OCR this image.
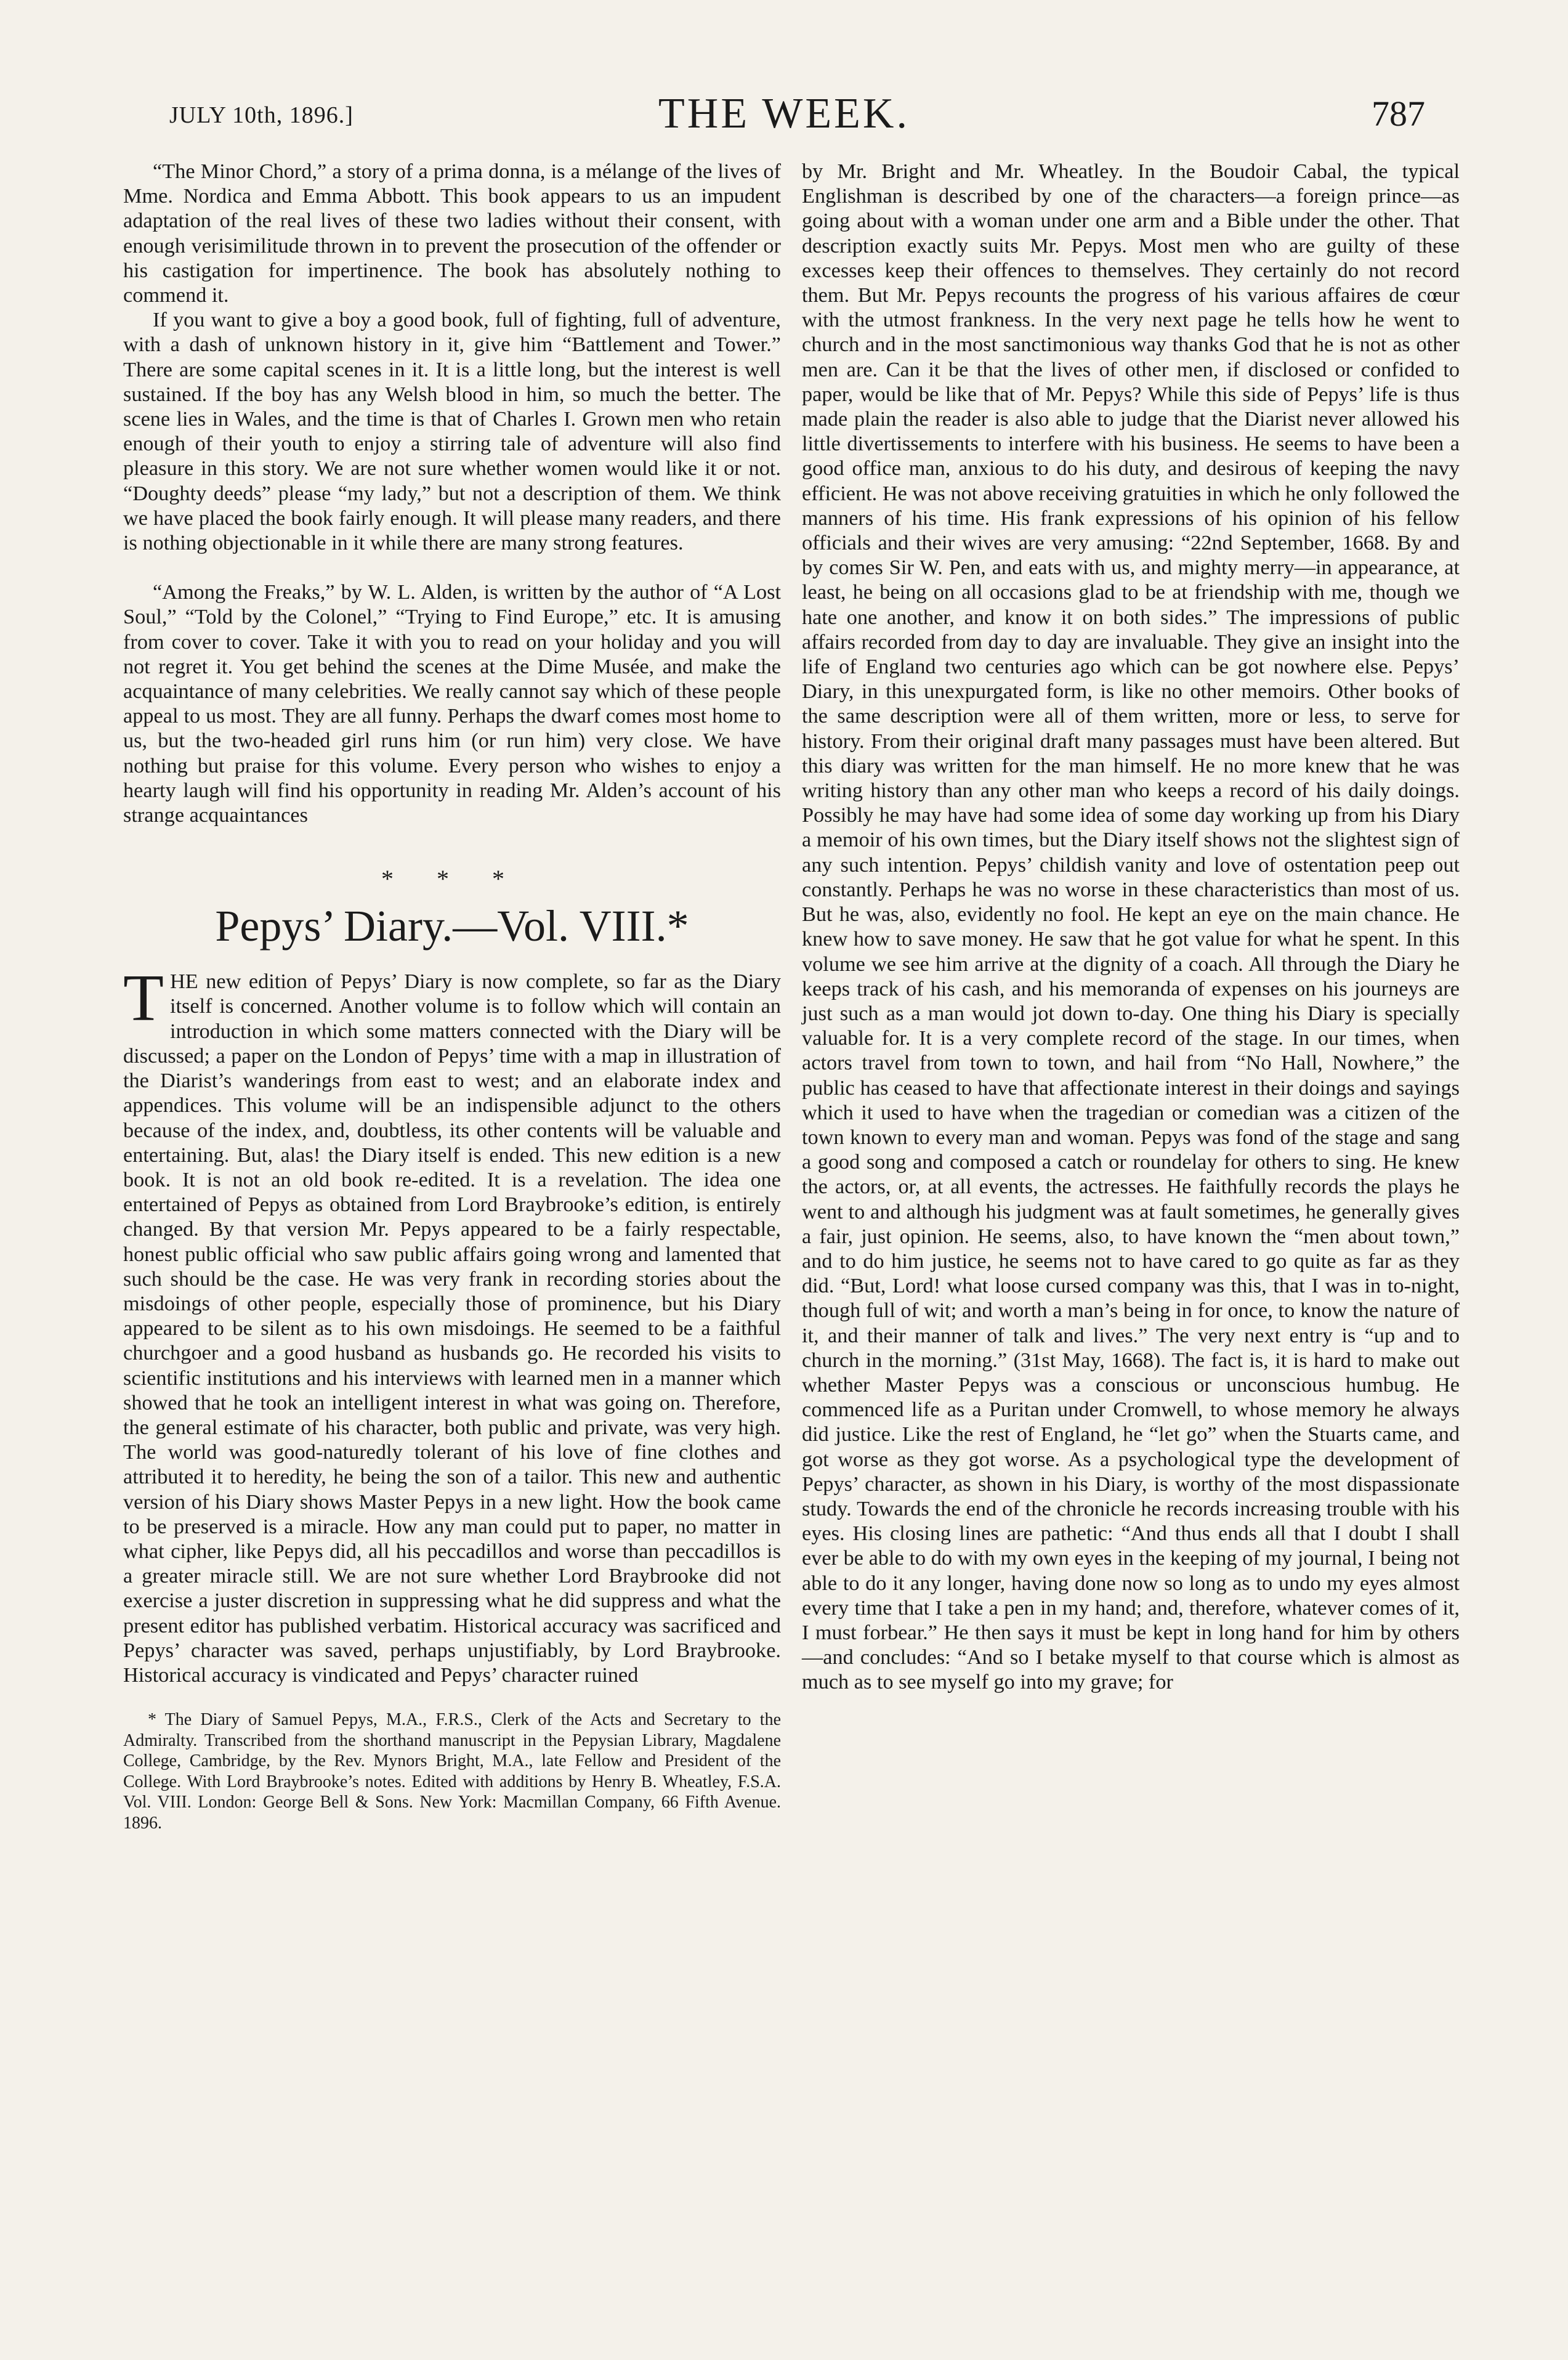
JULY 10th, 1896.]	THE WEEK.	787

“The Minor Chord,” a story of a prima donna, is a mélange of the lives of Mme. Nordica and Emma Abbott. This book appears to us an impudent adaptation of the real lives of these two ladies without their consent, with enough verisimilitude thrown in to prevent the prosecution of the offender or his castigation for impertinence. The book has absolutely nothing to commend it.

If you want to give a boy a good book, full of fighting, full of adventure, with a dash of unknown history in it, give him “Battlement and Tower.” There are some capital scenes in it. It is a little long, but the interest is well sustained. If the boy has any Welsh blood in him, so much the better. The scene lies in Wales, and the time is that of Charles I. Grown men who retain enough of their youth to enjoy a stirring tale of adventure will also find pleasure in this story. We are not sure whether women would like it or not. “Doughty deeds” please “my lady,” but not a description of them. We think we have placed the book fairly enough. It will please many readers, and there is nothing objectionable in it while there are many strong features.

“Among the Freaks,” by W. L. Alden, is written by the author of “A Lost Soul,” “Told by the Colonel,” “Trying to Find Europe,” etc. It is amusing from cover to cover. Take it with you to read on your holiday and you will not regret it. You get behind the scenes at the Dime Musée, and make the acquaintance of many celebrities. We really cannot say which of these people appeal to us most. They are all funny. Perhaps the dwarf comes most home to us, but the two-headed girl runs him (or run him) very close. We have nothing but praise for this volume. Every person who wishes to enjoy a hearty laugh will find his opportunity in reading Mr. Alden’s account of his strange acquaintances

* * *
Pepys’ Diary.—Vol. VIII.*

THE new edition of Pepys’ Diary is now complete, so far as the Diary itself is concerned. Another volume is to follow which will contain an introduction in which some matters connected with the Diary will be discussed; a paper on the London of Pepys’ time with a map in illustration of the Diarist’s wanderings from east to west; and an elaborate index and appendices. This volume will be an indispensible adjunct to the others because of the index, and, doubtless, its other contents will be valuable and entertaining. But, alas! the Diary itself is ended. This new edition is a new book. It is not an old book re-edited. It is a revelation. The idea one entertained of Pepys as obtained from Lord Braybrooke’s edition, is entirely changed. By that version Mr. Pepys appeared to be a fairly respectable, honest public official who saw public affairs going wrong and lamented that such should be the case. He was very frank in recording stories about the misdoings of other people, especially those of prominence, but his Diary appeared to be silent as to his own misdoings. He seemed to be a faithful churchgoer and a good husband as husbands go. He recorded his visits to scientific institutions and his interviews with learned men in a manner which showed that he took an intelligent interest in what was going on. Therefore, the general estimate of his character, both public and private, was very high. The world was good-naturedly tolerant of his love of fine clothes and attributed it to heredity, he being the son of a tailor. This new and authentic version of his Diary shows Master Pepys in a new light. How the book came to be preserved is a miracle. How any man could put to paper, no matter in what cipher, like Pepys did, all his peccadillos and worse than peccadillos is a greater miracle still. We are not sure whether Lord Braybrooke did not exercise a juster discretion in suppressing what he did suppress and what the present editor has published verbatim. Historical accuracy was sacrificed and Pepys’ character was saved, perhaps unjustifiably, by Lord Braybrooke. Historical accuracy is vindicated and Pepys’ character ruined

* The Diary of Samuel Pepys, M.A., F.R.S., Clerk of the Acts and Secretary to the Admiralty. Transcribed from the shorthand manuscript in the Pepysian Library, Magdalene College, Cambridge, by the Rev. Mynors Bright, M.A., late Fellow and President of the College. With Lord Braybrooke’s notes. Edited with additions by Henry B. Wheatley, F.S.A. Vol. VIII. London: George Bell & Sons. New York: Macmillan Company, 66 Fifth Avenue. 1896.

by Mr. Bright and Mr. Wheatley. In the Boudoir Cabal, the typical Englishman is described by one of the characters—a foreign prince—as going about with a woman under one arm and a Bible under the other. That description exactly suits Mr. Pepys. Most men who are guilty of these excesses keep their offences to themselves. They certainly do not record them. But Mr. Pepys recounts the progress of his various affaires de cœur with the utmost frankness. In the very next page he tells how he went to church and in the most sanctimonious way thanks God that he is not as other men are. Can it be that the lives of other men, if disclosed or confided to paper, would be like that of Mr. Pepys? While this side of Pepys’ life is thus made plain the reader is also able to judge that the Diarist never allowed his little divertissements to interfere with his business. He seems to have been a good office man, anxious to do his duty, and desirous of keeping the navy efficient. He was not above receiving gratuities in which he only followed the manners of his time. His frank expressions of his opinion of his fellow officials and their wives are very amusing: “22nd September, 1668. By and by comes Sir W. Pen, and eats with us, and mighty merry—in appearance, at least, he being on all occasions glad to be at friendship with me, though we hate one another, and know it on both sides.” The impressions of public affairs recorded from day to day are invaluable. They give an insight into the life of England two centuries ago which can be got nowhere else. Pepys’ Diary, in this unexpurgated form, is like no other memoirs. Other books of the same description were all of them written, more or less, to serve for history. From their original draft many passages must have been altered. But this diary was written for the man himself. He no more knew that he was writing history than any other man who keeps a record of his daily doings. Possibly he may have had some idea of some day working up from his Diary a memoir of his own times, but the Diary itself shows not the slightest sign of any such intention. Pepys’ childish vanity and love of ostentation peep out constantly. Perhaps he was no worse in these characteristics than most of us. But he was, also, evidently no fool. He kept an eye on the main chance. He knew how to save money. He saw that he got value for what he spent. In this volume we see him arrive at the dignity of a coach. All through the Diary he keeps track of his cash, and his memoranda of expenses on his journeys are just such as a man would jot down to-day. One thing his Diary is specially valuable for. It is a very complete record of the stage. In our times, when actors travel from town to town, and hail from “No Hall, Nowhere,” the public has ceased to have that affectionate interest in their doings and sayings which it used to have when the tragedian or comedian was a citizen of the town known to every man and woman. Pepys was fond of the stage and sang a good song and composed a catch or roundelay for others to sing. He knew the actors, or, at all events, the actresses. He faithfully records the plays he went to and although his judgment was at fault sometimes, he generally gives a fair, just opinion. He seems, also, to have known the “men about town,” and to do him justice, he seems not to have cared to go quite as far as they did. “But, Lord! what loose cursed company was this, that I was in to-night, though full of wit; and worth a man’s being in for once, to know the nature of it, and their manner of talk and lives.” The very next entry is “up and to church in the morning.” (31st May, 1668). The fact is, it is hard to make out whether Master Pepys was a conscious or unconscious humbug. He commenced life as a Puritan under Cromwell, to whose memory he always did justice. Like the rest of England, he “let go” when the Stuarts came, and got worse as they got worse. As a psychological type the development of Pepys’ character, as shown in his Diary, is worthy of the most dispassionate study. Towards the end of the chronicle he records increasing trouble with his eyes. His closing lines are pathetic: “And thus ends all that I doubt I shall ever be able to do with my own eyes in the keeping of my journal, I being not able to do it any longer, having done now so long as to undo my eyes almost every time that I take a pen in my hand; and, therefore, whatever comes of it, I must forbear.” He then says it must be kept in long hand for him by others—and concludes: “And so I betake myself to that course which is almost as much as to see myself go into my grave; for
